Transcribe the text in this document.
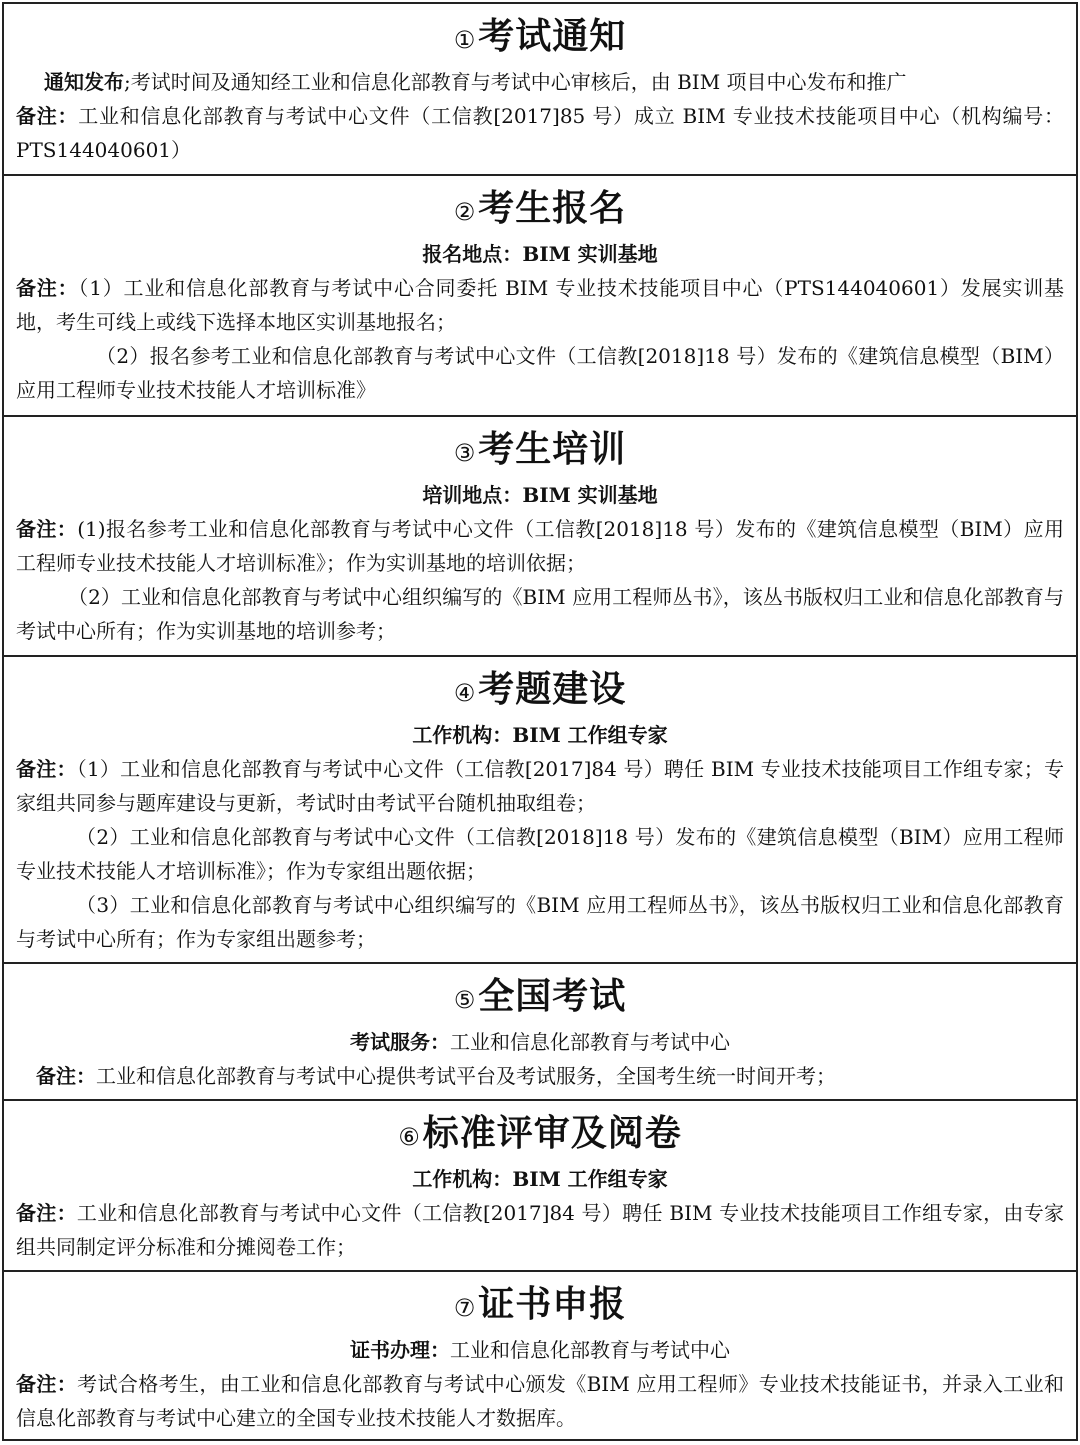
①考试通知
通知发布;考试时间及通知经工业和信息化部教育与考试中心审核后，由 BIM 项目中心发布和推广
备注：工业和信息化部教育与考试中心文件（工信教[2017]85 号）成立 BIM 专业技术技能项目中心（机构编号：PTS144040601）
②考生报名
报名地点：BIM 实训基地
备注：（1）工业和信息化部教育与考试中心合同委托 BIM 专业技术技能项目中心（PTS144040601）发展实训基地，考生可线上或线下选择本地区实训基地报名；
（2）报名参考工业和信息化部教育与考试中心文件（工信教[2018]18 号）发布的《建筑信息模型（BIM）应用工程师专业技术技能人才培训标准》
③考生培训
培训地点：BIM 实训基地
备注：(1)报名参考工业和信息化部教育与考试中心文件（工信教[2018]18 号）发布的《建筑信息模型（BIM）应用工程师专业技术技能人才培训标准》；作为实训基地的培训依据；
（2）工业和信息化部教育与考试中心组织编写的《BIM 应用工程师丛书》，该丛书版权归工业和信息化部教育与考试中心所有；作为实训基地的培训参考；
④考题建设
工作机构：BIM 工作组专家
备注：（1）工业和信息化部教育与考试中心文件（工信教[2017]84 号）聘任 BIM 专业技术技能项目工作组专家；专家组共同参与题库建设与更新，考试时由考试平台随机抽取组卷；
（2）工业和信息化部教育与考试中心文件（工信教[2018]18 号）发布的《建筑信息模型（BIM）应用工程师专业技术技能人才培训标准》；作为专家组出题依据；
（3）工业和信息化部教育与考试中心组织编写的《BIM 应用工程师丛书》，该丛书版权归工业和信息化部教育与考试中心所有；作为专家组出题参考；
⑤全国考试
考试服务：工业和信息化部教育与考试中心
备注：工业和信息化部教育与考试中心提供考试平台及考试服务，全国考生统一时间开考；
⑥标准评审及阅卷
工作机构：BIM 工作组专家
备注：工业和信息化部教育与考试中心文件（工信教[2017]84 号）聘任 BIM 专业技术技能项目工作组专家，由专家组共同制定评分标准和分摊阅卷工作；
⑦证书申报
证书办理：工业和信息化部教育与考试中心
备注：考试合格考生，由工业和信息化部教育与考试中心颁发《BIM 应用工程师》专业技术技能证书，并录入工业和信息化部教育与考试中心建立的全国专业技术技能人才数据库。
